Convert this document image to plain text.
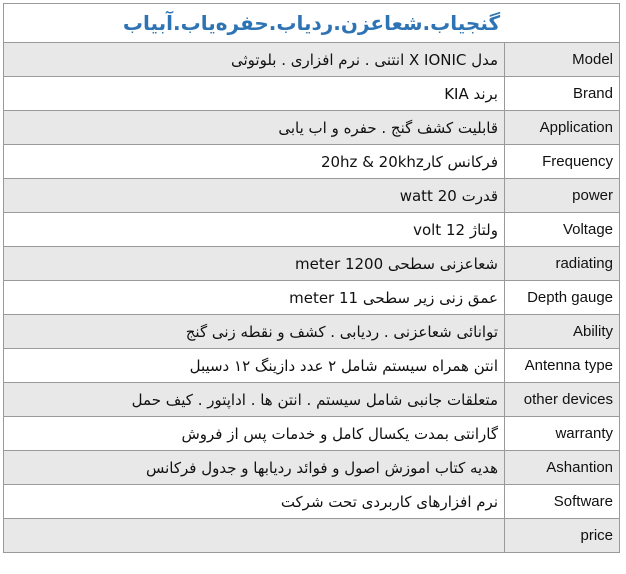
گنجیاب.شعاعزن.ردیاب.حفره‌یاب.آبیاب
مدل X IONIC انتنی . نرم افزاری . بلوتوثی	Model
برند KIA	Brand
قابلیت کشف گنج . حفره و اب یابی	Application
فرکانس کار20hz & 20khz	Frequency
قدرت 20 watt	power
ولتاژ 12 volt	Voltage
شعاعزنی سطحی 1200 meter	radiating
عمق زنی زیر سطحی 11 meter	Depth gauge
توانائی شعاعزنی . ردیابی . کشف و نقطه زنی گنج	Ability
انتن همراه سیستم شامل ۲ عدد دازینگ ۱۲ دسیبل	Antenna type
متعلقات جانبی شامل سیستم . انتن ها . اداپتور . کیف حمل	other devices
گارانتی بمدت یکسال کامل و خدمات پس از فروش	warranty
هدیه کتاب اموزش اصول و فوائد ردیابها و جدول فرکانس	Ashantion
نرم افزارهای کاربردی تحت شرکت	Software
	price
